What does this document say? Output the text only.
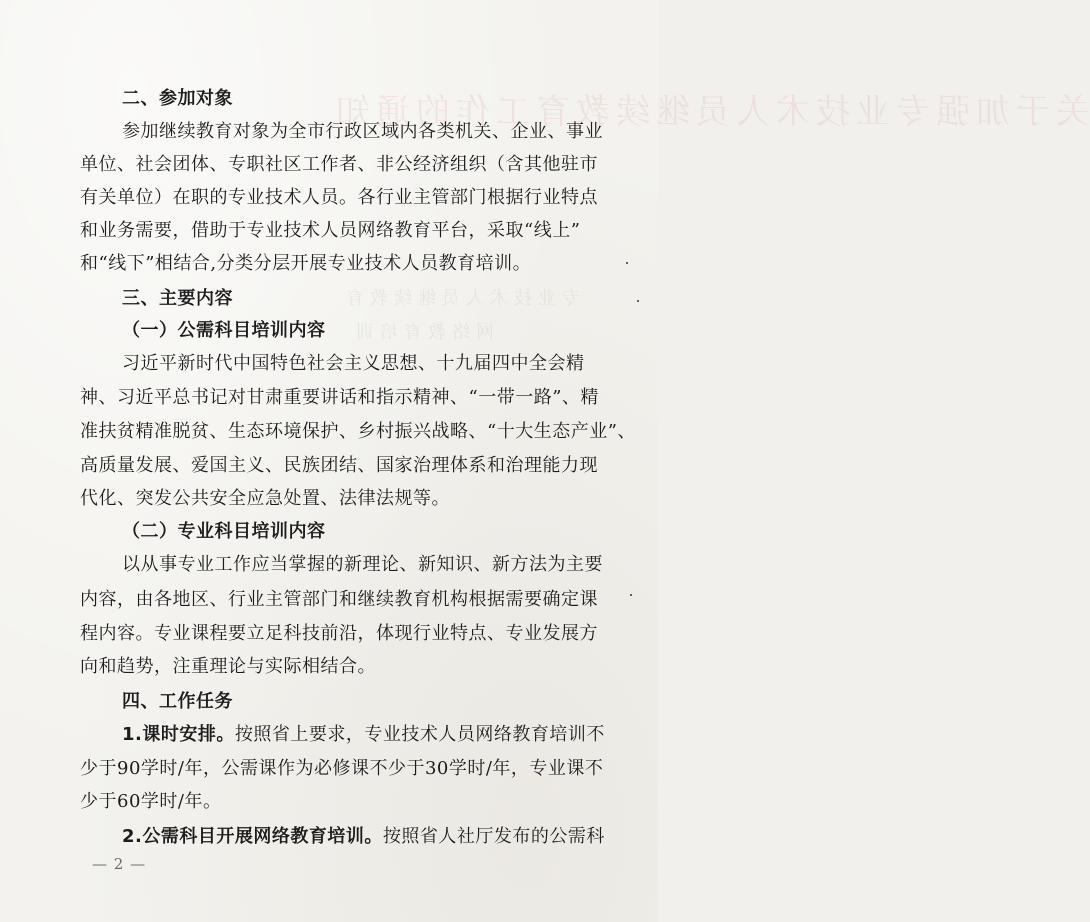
关于加强专业技术人员继续教育工作的通知
专业技术人员继续教育
网络教育培训
二、参加对象
参加继续教育对象为全市行政区域内各类机关、企业、事业
单位、社会团体、专职社区工作者、非公经济组织（含其他驻市
有关单位）在职的专业技术人员。各行业主管部门根据行业特点
和业务需要，借助于专业技术人员网络教育平台，采取“线上”
和“线下”相结合,分类分层开展专业技术人员教育培训。
三、主要内容
（一）公需科目培训内容
习近平新时代中国特色社会主义思想、十九届四中全会精
神、习近平总书记对甘肃重要讲话和指示精神、“一带一路”、精
准扶贫精准脱贫、生态环境保护、乡村振兴战略、“十大生态产业”、
高质量发展、爱国主义、民族团结、国家治理体系和治理能力现
代化、突发公共安全应急处置、法律法规等。
（二）专业科目培训内容
以从事专业工作应当掌握的新理论、新知识、新方法为主要
内容，由各地区、行业主管部门和继续教育机构根据需要确定课
程内容。专业课程要立足科技前沿，体现行业特点、专业发展方
向和趋势，注重理论与实际相结合。
四、工作任务
1.课时安排。按照省上要求，专业技术人员网络教育培训不
少于90学时/年，公需课作为必修课不少于30学时/年，专业课不
少于60学时/年。
2.公需科目开展网络教育培训。按照省人社厅发布的公需科
— 2 —
